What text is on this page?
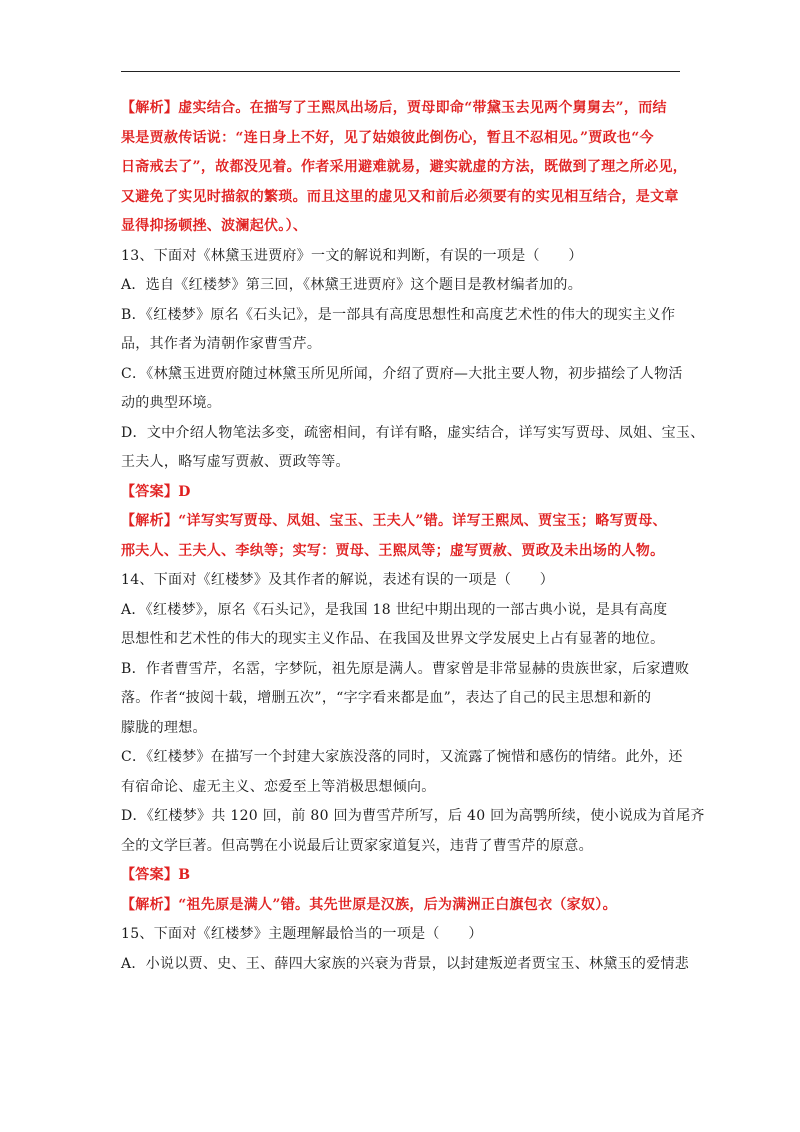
【解析】虚实结合。在描写了王熙凤出场后，贾母即命“带黛玉去见两个舅舅去”，而结
果是贾赦传话说：“连日身上不好，见了姑娘彼此倒伤心，暂且不忍相见。”贾政也“今
日斋戒去了”，故都没见着。作者采用避难就易，避实就虚的方法，既做到了理之所必见，
又避免了实见时描叙的繁琐。而且这里的虚见又和前后必须要有的实见相互结合，是文章
显得抑扬顿挫、波澜起伏。）、
13、下面对《林黛玉进贾府》一文的解说和判断，有误的一项是（　　）
A．选自《红楼梦》第三回，《林黛王进贾府》这个题目是教材编者加的。
B．《红楼梦》原名《石头记》，是一部具有高度思想性和高度艺术性的伟大的现实主义作
品，其作者为清朝作家曹雪芹。
C．《林黛玉进贾府随过林黛玉所见所闻，介绍了贾府—大批主要人物，初步描绘了人物活
动的典型环境。
D．文中介绍人物笔法多变，疏密相间，有详有略，虚实结合，详写实写贾母、凤姐、宝玉、
王夫人，略写虚写贾赦、贾政等等。
【答案】D
【解析】“详写实写贾母、凤姐、宝玉、王夫人”错。详写王熙凤、贾宝玉；略写贾母、
邢夫人、王夫人、李纨等；实写：贾母、王熙凤等；虚写贾赦、贾政及未出场的人物。
14、下面对《红楼梦》及其作者的解说，表述有误的一项是（　　）
A．《红楼梦》，原名《石头记》，是我国 18 世纪中期出现的一部古典小说，是具有高度
思想性和艺术性的伟大的现实主义作品、在我国及世界文学发展史上占有显著的地位。
B．作者曹雪芹，名霑，字梦阮，祖先原是满人。曹家曾是非常显赫的贵族世家，后家遭败
落。作者“披阅十载，增删五次”，“字字看来都是血”，表达了自己的民主思想和新的
朦胧的理想。
C．《红楼梦》在描写一个封建大家族没落的同时，又流露了惋惜和感伤的情绪。此外，还
有宿命论、虚无主义、恋爱至上等消极思想倾向。
D．《红楼梦》共 120 回，前 80 回为曹雪芹所写，后 40 回为高鹗所续，使小说成为首尾齐
全的文学巨著。但高鹗在小说最后让贾家家道复兴，违背了曹雪芹的原意。
【答案】B
【解析】“祖先原是满人”错。其先世原是汉族，后为满洲正白旗包衣（家奴）。
15、下面对《红楼梦》主题理解最恰当的一项是（　　）
A．小说以贾、史、王、薛四大家族的兴衰为背景，以封建叛逆者贾宝玉、林黛玉的爱情悲
